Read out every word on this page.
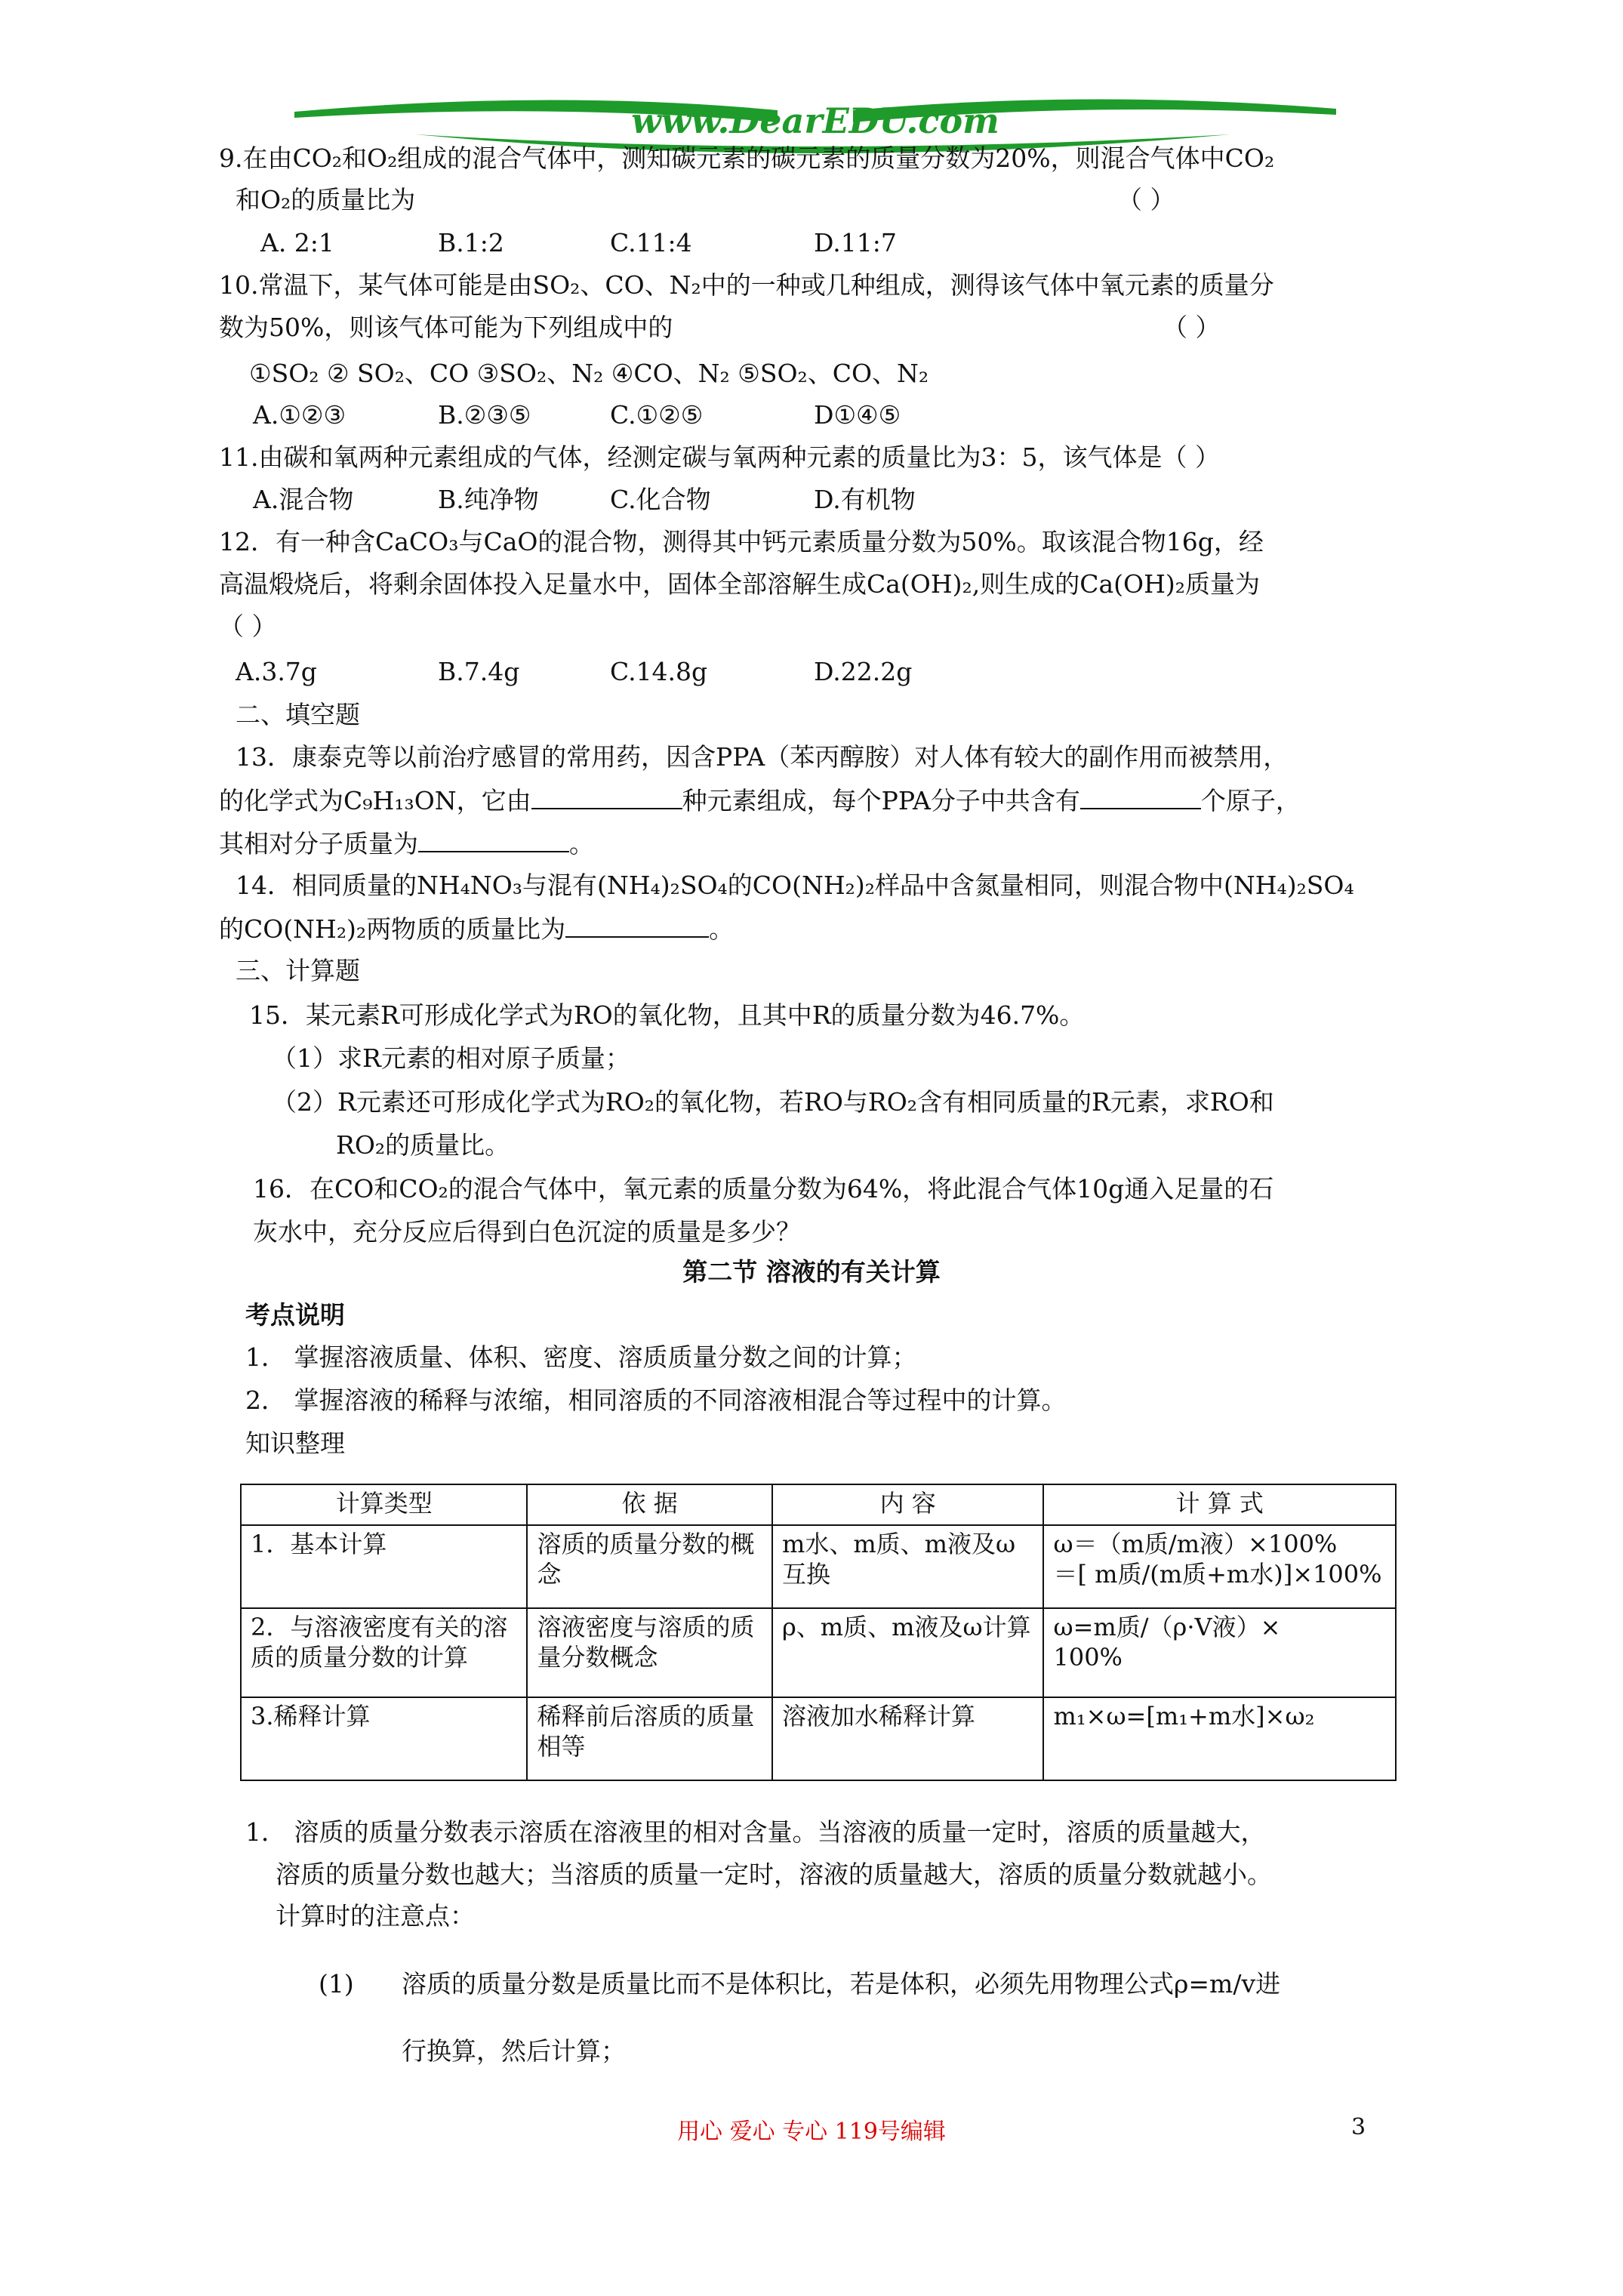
www.DearEDU.com
9.在由CO₂和O₂组成的混合气体中，测知碳元素的碳元素的质量分数为20%，则混合气体中CO₂
和O₂的质量比为	（ ）
A. 2:1	B.1:2	C.11:4	D.11:7
10.常温下，某气体可能是由SO₂、CO、N₂中的一种或几种组成，测得该气体中氧元素的质量分
数为50%，则该气体可能为下列组成中的	（ ）
①SO₂ ② SO₂、CO ③SO₂、N₂ ④CO、N₂ ⑤SO₂、CO、N₂
A.①②③	B.②③⑤	C.①②⑤	D①④⑤
11.由碳和氧两种元素组成的气体，经测定碳与氧两种元素的质量比为3：5，该气体是（ ）
A.混合物	B.纯净物	C.化合物	D.有机物
12．有一种含CaCO₃与CaO的混合物，测得其中钙元素质量分数为50%。取该混合物16g，经
高温煅烧后，将剩余固体投入足量水中，固体全部溶解生成Ca(OH)₂,则生成的Ca(OH)₂质量为
（ ）
A.3.7g	B.7.4g	C.14.8g	D.22.2g
二、填空题
13．康泰克等以前治疗感冒的常用药，因含PPA（苯丙醇胺）对人体有较大的副作用而被禁用，
的化学式为C₉H₁₃ON，它由	种元素组成，每个PPA分子中共含有	个原子，
其相对分子质量为	。
14．相同质量的NH₄NO₃与混有(NH₄)₂SO₄的CO(NH₂)₂样品中含氮量相同，则混合物中(NH₄)₂SO₄
的CO(NH₂)₂两物质的质量比为	。
三、计算题
15．某元素R可形成化学式为RO的氧化物，且其中R的质量分数为46.7%。
（1）求R元素的相对原子质量；
（2）R元素还可形成化学式为RO₂的氧化物，若RO与RO₂含有相同质量的R元素，求RO和
RO₂的质量比。
16．在CO和CO₂的混合气体中，氧元素的质量分数为64%，将此混合气体10g通入足量的石
灰水中，充分反应后得到白色沉淀的质量是多少？
第二节 溶液的有关计算
考点说明
1． 掌握溶液质量、体积、密度、溶质质量分数之间的计算；
2． 掌握溶液的稀释与浓缩，相同溶质的不同溶液相混合等过程中的计算。
知识整理
计算类型	依 据	内 容	计 算 式
1．基本计算	溶质的质量分数的概念	m水、m质、m液及ω互换	ω＝（m质/m液）×100%
＝[ m质/(m质+m水)]×100%

2．与溶液密度有关的溶质的质量分数的计算	溶液密度与溶质的质量分数概念	ρ、m质、m液及ω计算	ω=m质/（ρ·V液）×
100%

3.稀释计算	稀释前后溶质的质量相等	溶液加水稀释计算	m₁×ω=[m₁+m水]×ω₂
1． 溶质的质量分数表示溶质在溶液里的相对含量。当溶液的质量一定时，溶质的质量越大，
溶质的质量分数也越大；当溶质的质量一定时，溶液的质量越大，溶质的质量分数就越小。
计算时的注意点：
(1) 溶质的质量分数是质量比而不是体积比，若是体积，必须先用物理公式ρ=m/v进
行换算，然后计算；
用心 爱心 专心 119号编辑	3
